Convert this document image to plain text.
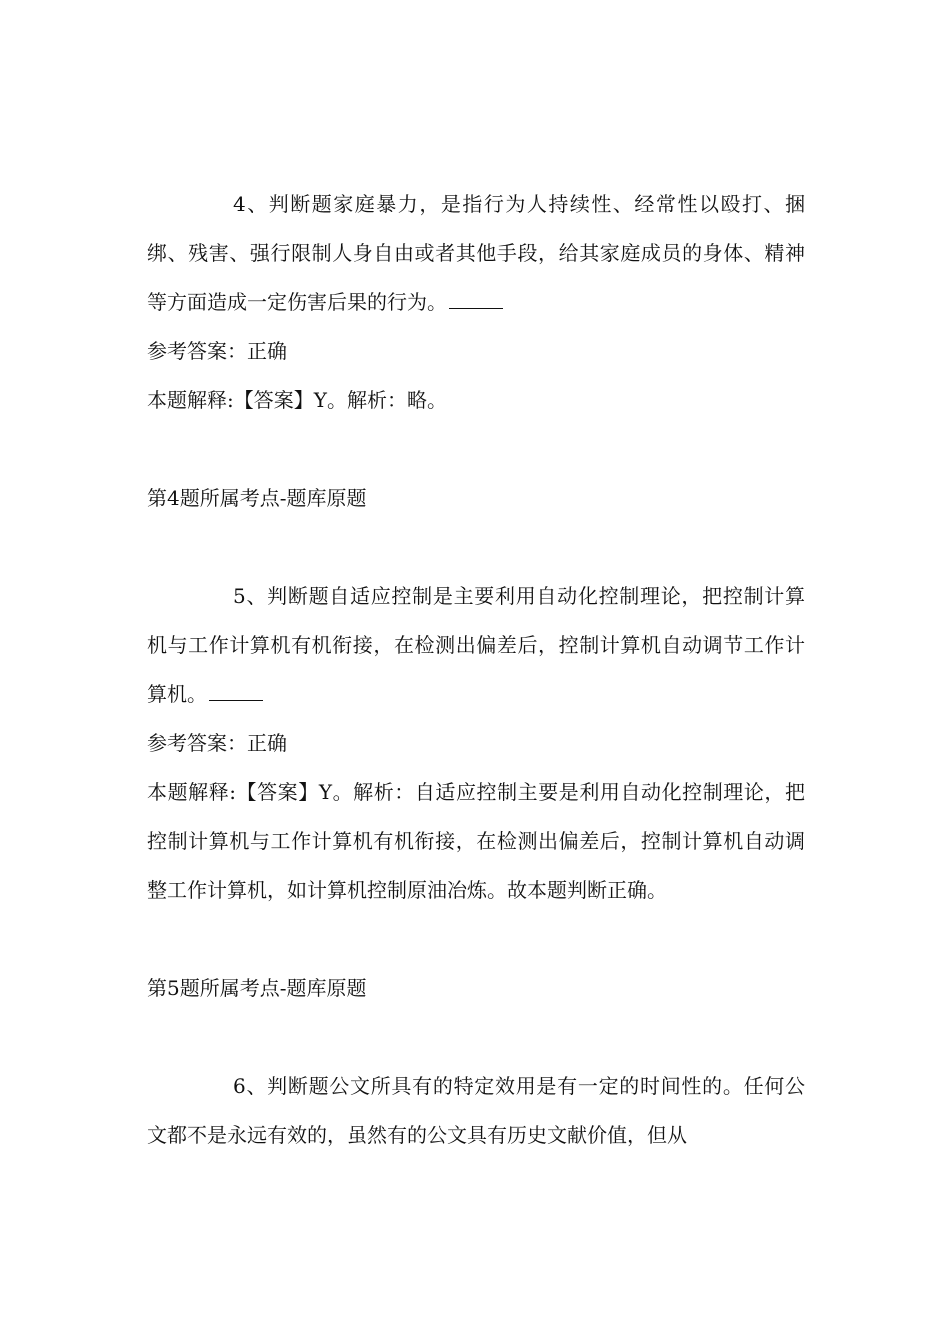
4、判断题家庭暴力，是指行为人持续性、经常性以殴打、捆绑、残害、强行限制人身自由或者其他手段，给其家庭成员的身体、精神等方面造成一定伤害后果的行为。

参考答案：正确

本题解释:【答案】Y。解析：略。

第4题所属考点-题库原题

5、判断题自适应控制是主要利用自动化控制理论，把控制计算机与工作计算机有机衔接，在检测出偏差后，控制计算机自动调节工作计算机。

参考答案：正确

本题解释:【答案】Y。解析：自适应控制主要是利用自动化控制理论，把控制计算机与工作计算机有机衔接，在检测出偏差后，控制计算机自动调整工作计算机，如计算机控制原油冶炼。故本题判断正确。

第5题所属考点-题库原题

6、判断题公文所具有的特定效用是有一定的时间性的。任何公文都不是永远有效的，虽然有的公文具有历史文献价值，但从
